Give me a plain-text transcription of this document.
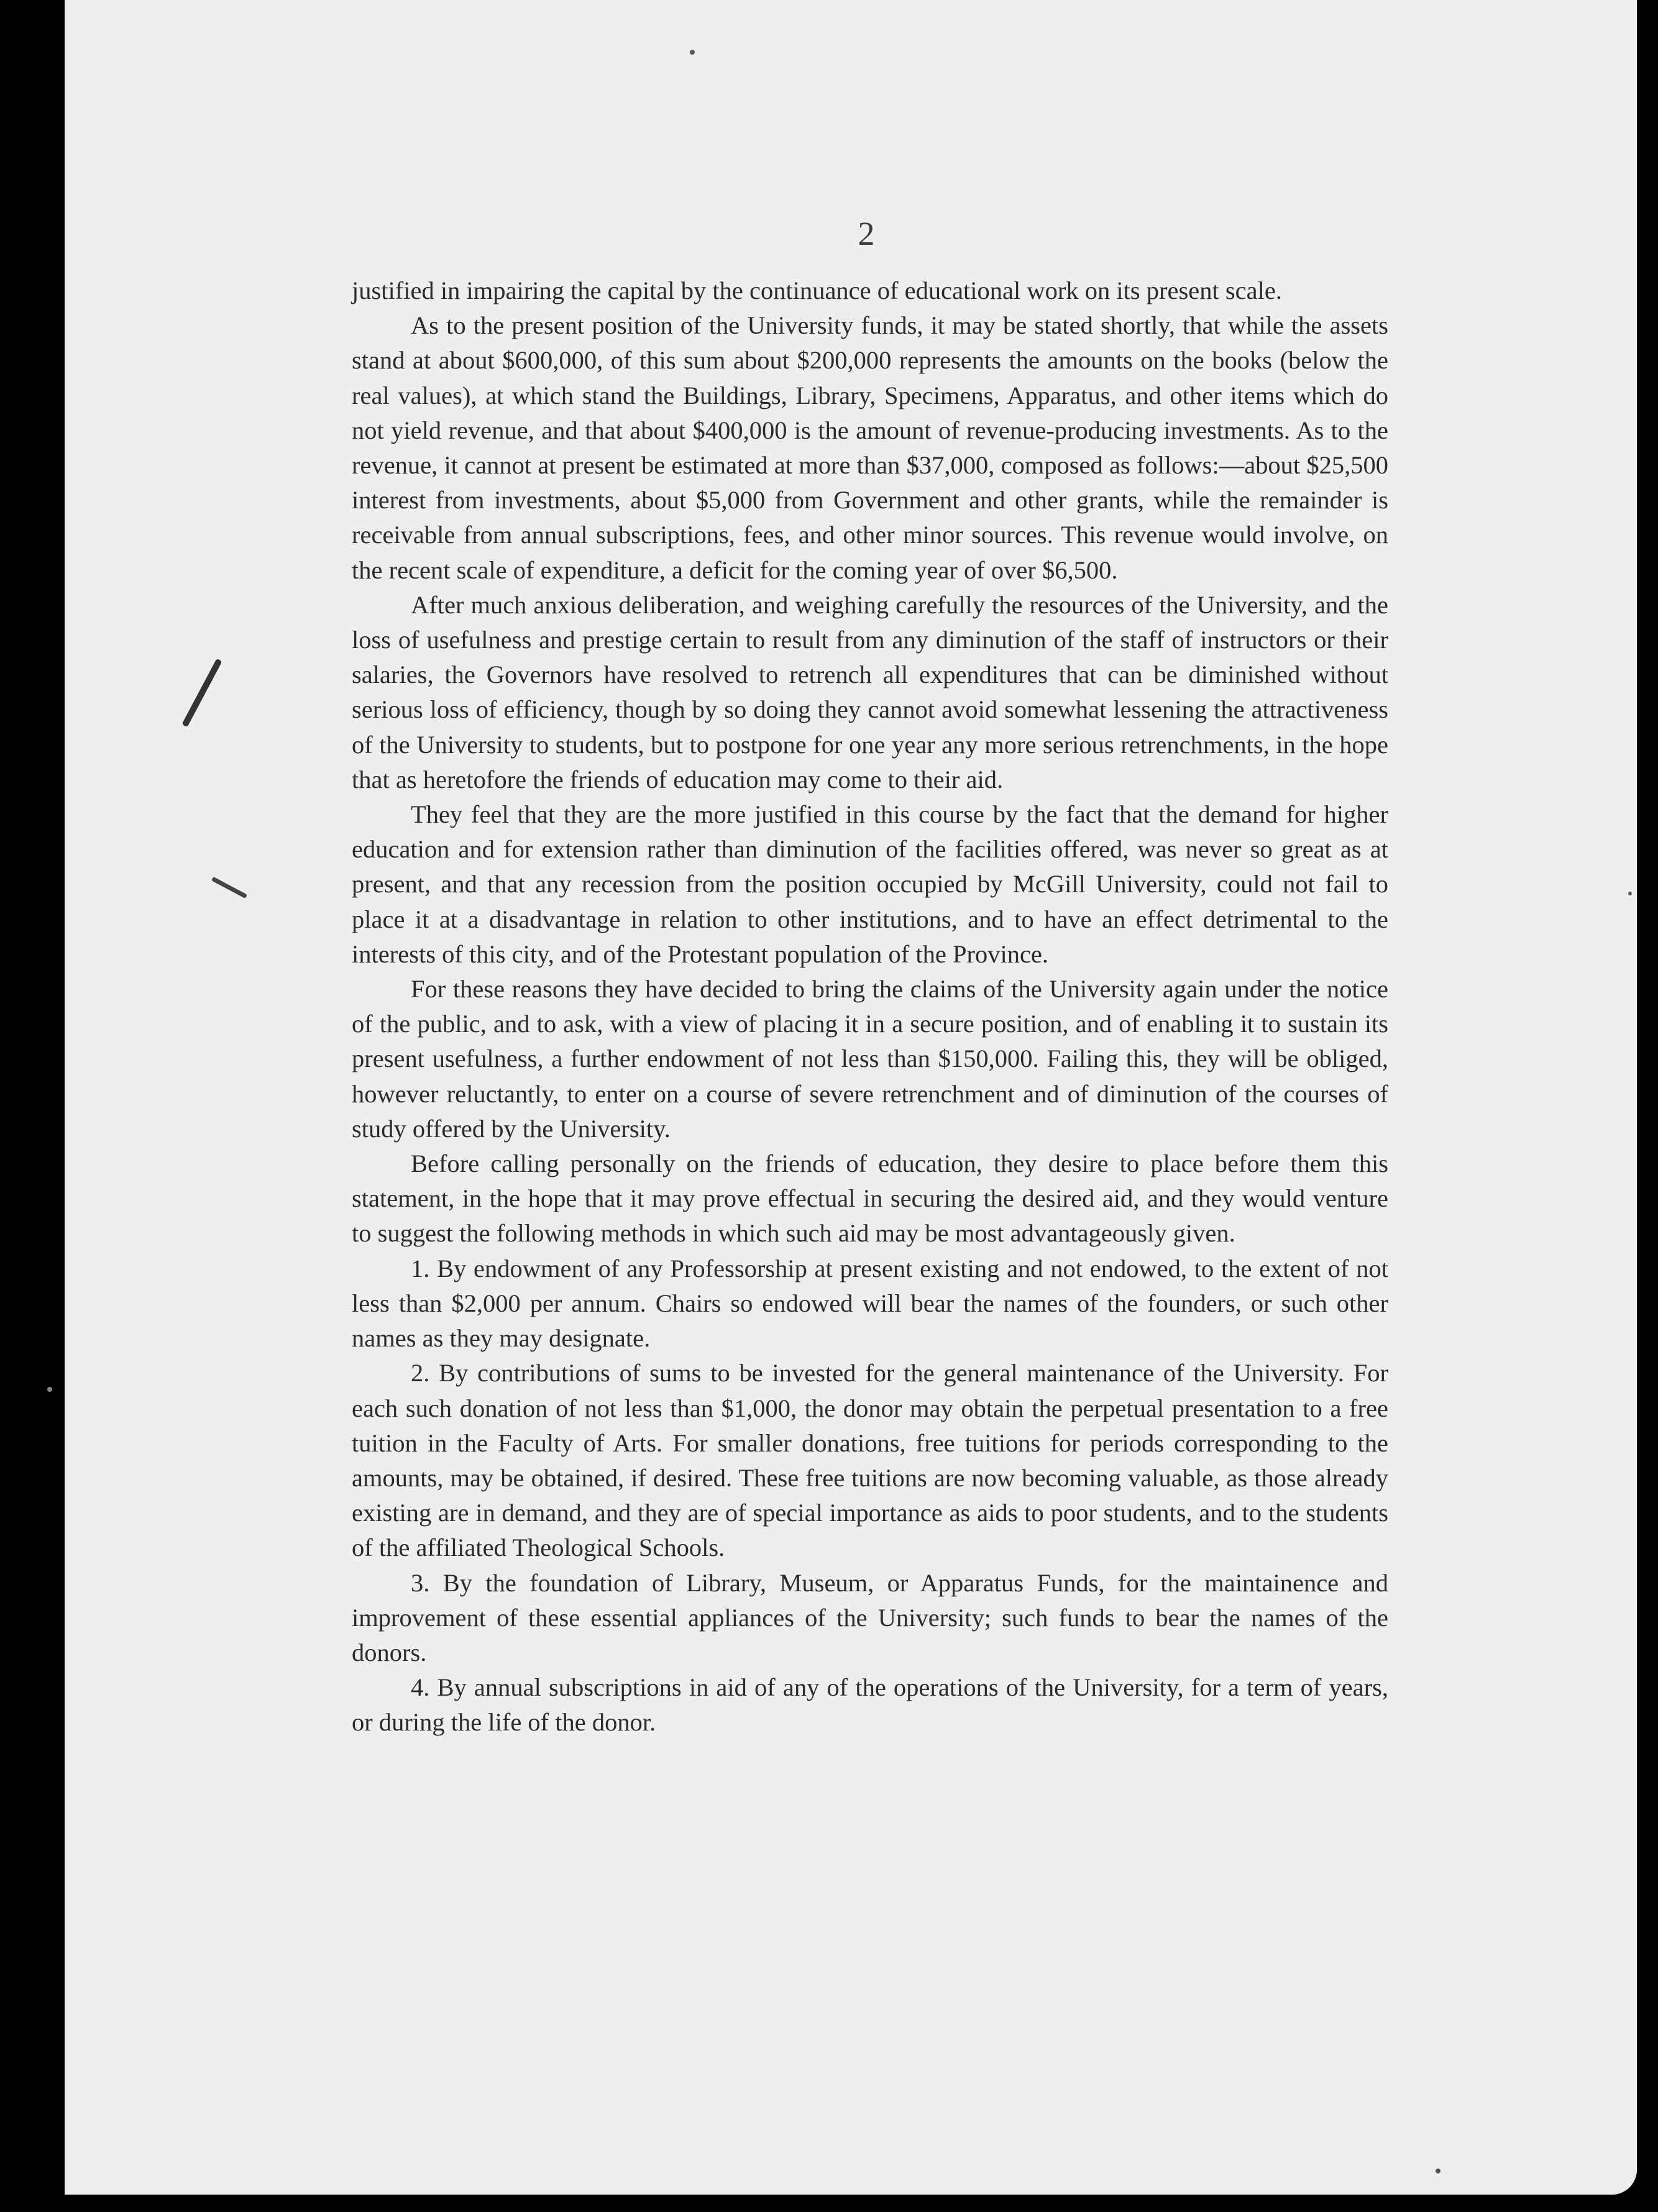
2

justified in impairing the capital by the continuance of educational work on its present scale.

As to the present position of the University funds, it may be stated shortly, that while the assets stand at about $600,000, of this sum about $200,000 represents the amounts on the books (below the real values), at which stand the Buildings, Library, Specimens, Apparatus, and other items which do not yield revenue, and that about $400,000 is the amount of revenue-producing investments. As to the revenue, it cannot at present be estimated at more than $37,000, composed as follows:—about $25,500 interest from investments, about $5,000 from Government and other grants, while the remainder is receivable from annual subscriptions, fees, and other minor sources. This revenue would involve, on the recent scale of expenditure, a deficit for the coming year of over $6,500.

After much anxious deliberation, and weighing carefully the resources of the University, and the loss of usefulness and prestige certain to result from any diminution of the staff of instructors or their salaries, the Governors have resolved to retrench all expenditures that can be diminished without serious loss of efficiency, though by so doing they cannot avoid somewhat lessening the attractiveness of the University to students, but to postpone for one year any more serious retrenchments, in the hope that as heretofore the friends of education may come to their aid.

They feel that they are the more justified in this course by the fact that the demand for higher education and for extension rather than diminution of the facilities offered, was never so great as at present, and that any recession from the position occupied by McGill University, could not fail to place it at a disadvantage in relation to other institutions, and to have an effect detrimental to the interests of this city, and of the Protestant population of the Province.

For these reasons they have decided to bring the claims of the University again under the notice of the public, and to ask, with a view of placing it in a secure position, and of enabling it to sustain its present usefulness, a further endowment of not less than $150,000. Failing this, they will be obliged, however reluctantly, to enter on a course of severe retrenchment and of diminution of the courses of study offered by the University.

Before calling personally on the friends of education, they desire to place before them this statement, in the hope that it may prove effectual in securing the desired aid, and they would venture to suggest the following methods in which such aid may be most advantageously given.

1. By endowment of any Professorship at present existing and not endowed, to the extent of not less than $2,000 per annum. Chairs so endowed will bear the names of the founders, or such other names as they may designate.

2. By contributions of sums to be invested for the general maintenance of the University. For each such donation of not less than $1,000, the donor may obtain the perpetual presentation to a free tuition in the Faculty of Arts. For smaller donations, free tuitions for periods corresponding to the amounts, may be obtained, if desired. These free tuitions are now becoming valuable, as those already existing are in demand, and they are of special importance as aids to poor students, and to the students of the affiliated Theological Schools.

3. By the foundation of Library, Museum, or Apparatus Funds, for the maintainence and improvement of these essential appliances of the University; such funds to bear the names of the donors.

4. By annual subscriptions in aid of any of the operations of the University, for a term of years, or during the life of the donor.
